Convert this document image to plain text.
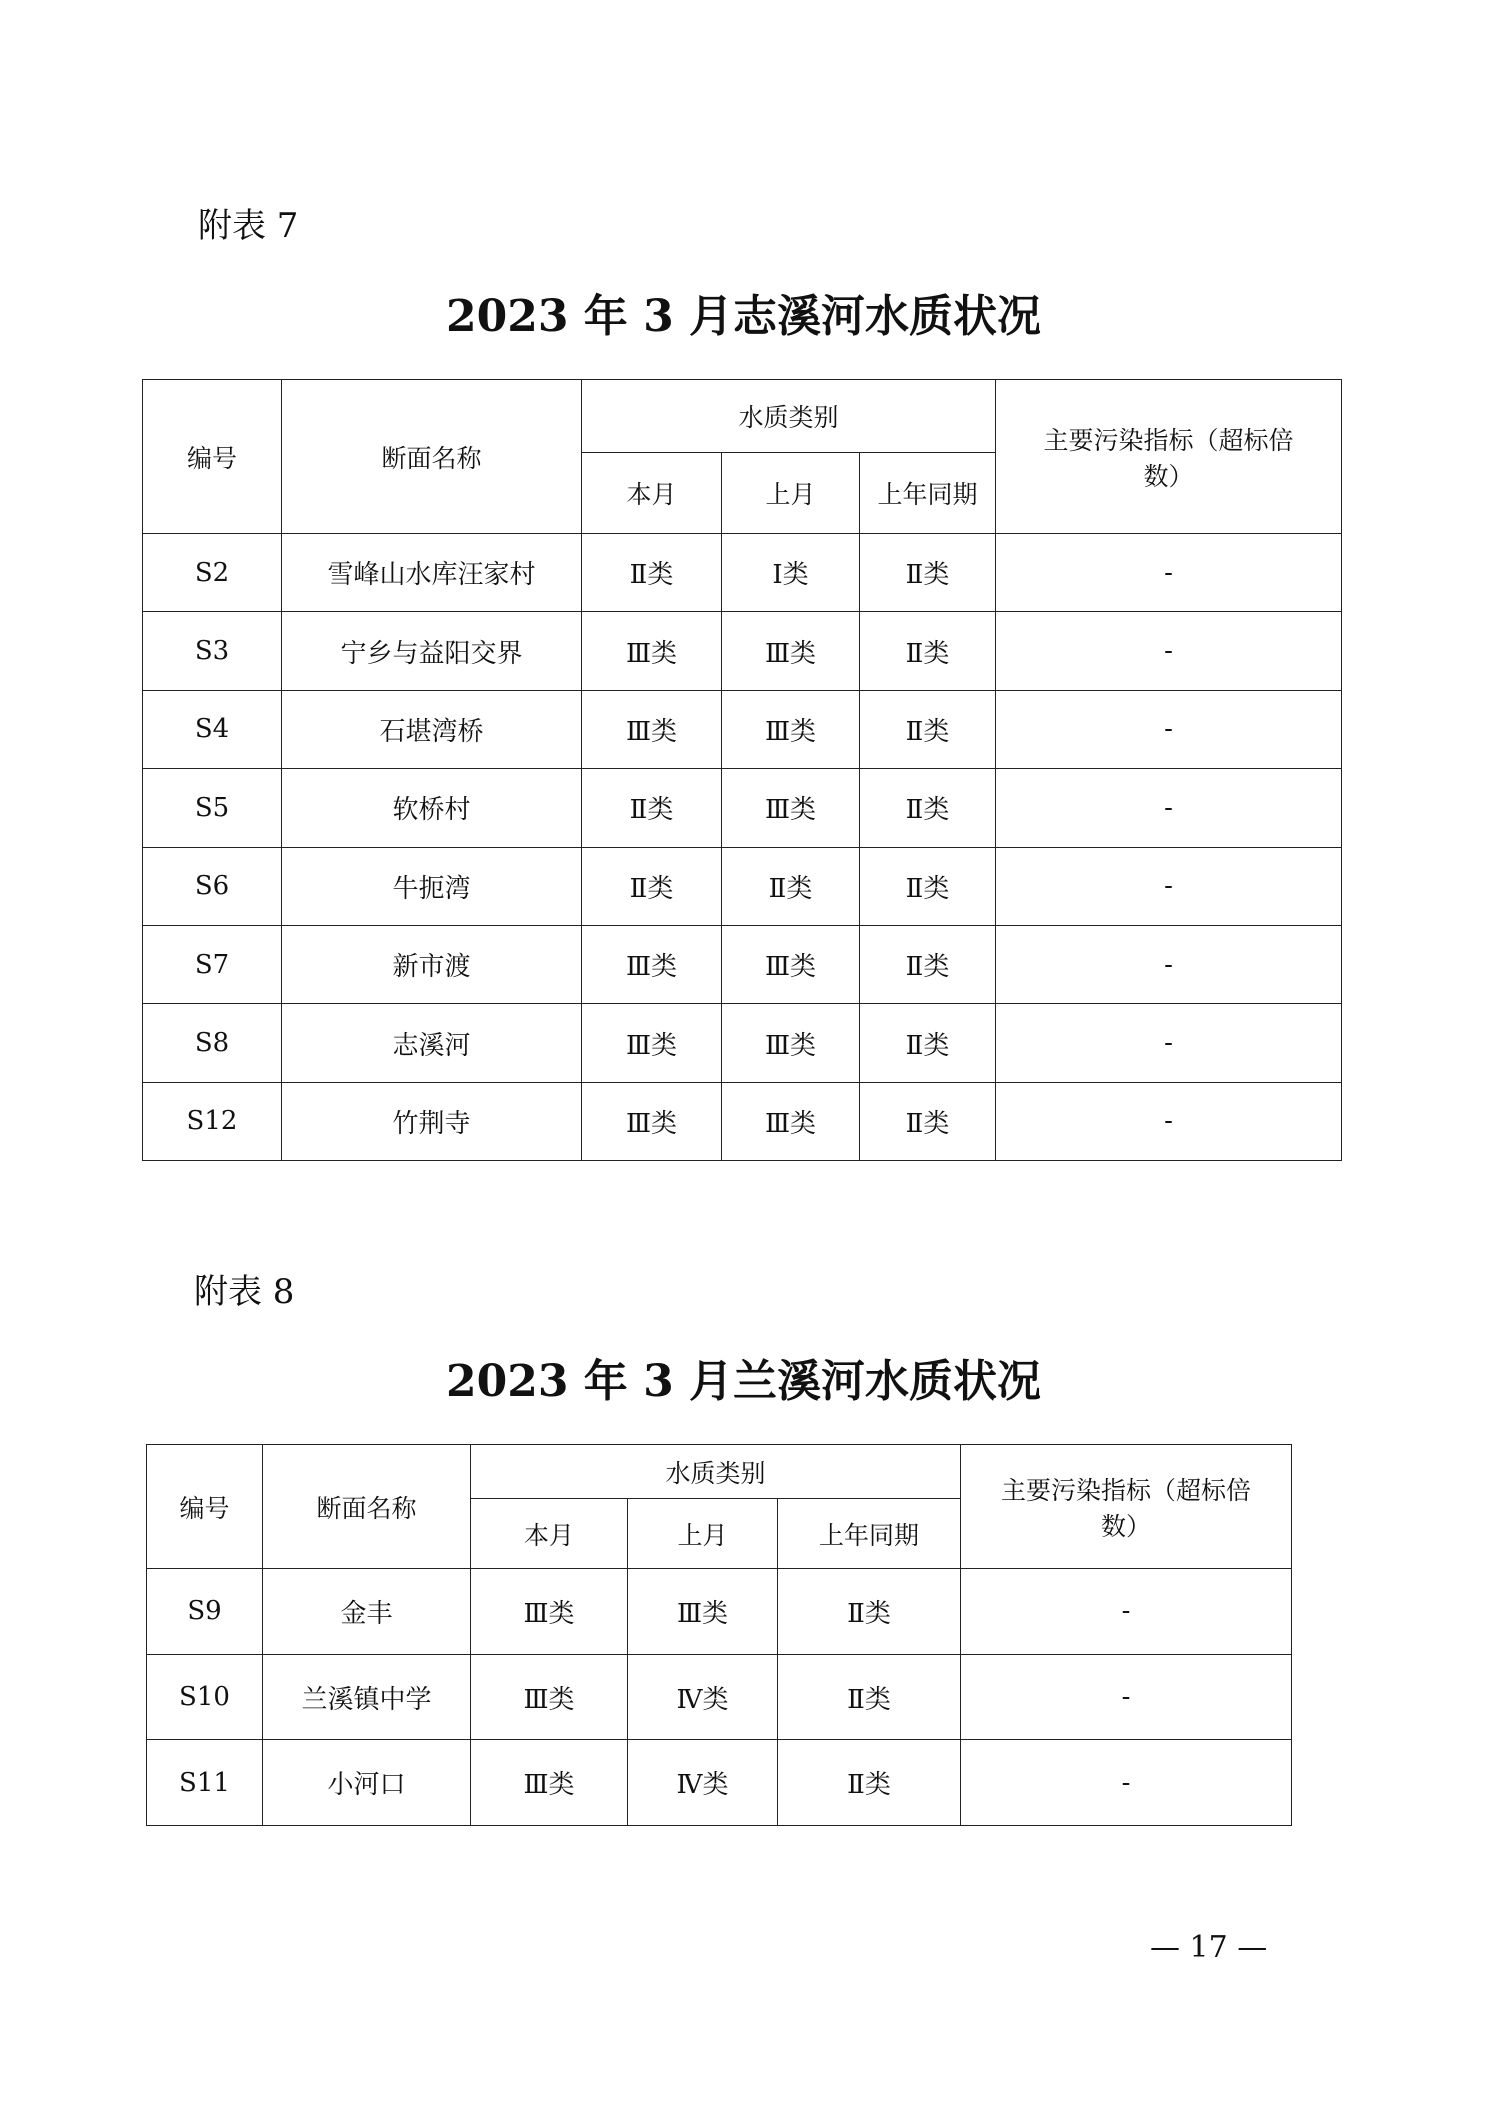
附表 7
2023 年 3 月志溪河水质状况
编号	断面名称	水质类别			主要污染指标（超标倍数）
		本月	上月	上年同期	
S2	雪峰山水库汪家村	Ⅱ类	Ⅰ类	Ⅱ类	-
S3	宁乡与益阳交界	Ⅲ类	Ⅲ类	Ⅱ类	-
S4	石堪湾桥	Ⅲ类	Ⅲ类	Ⅱ类	-
S5	软桥村	Ⅱ类	Ⅲ类	Ⅱ类	-
S6	牛扼湾	Ⅱ类	Ⅱ类	Ⅱ类	-
S7	新市渡	Ⅲ类	Ⅲ类	Ⅱ类	-
S8	志溪河	Ⅲ类	Ⅲ类	Ⅱ类	-
S12	竹荆寺	Ⅲ类	Ⅲ类	Ⅱ类	-
附表 8
2023 年 3 月兰溪河水质状况
编号	断面名称	水质类别			主要污染指标（超标倍数）
		本月	上月	上年同期	
S9	金丰	Ⅲ类	Ⅲ类	Ⅱ类	-
S10	兰溪镇中学	Ⅲ类	Ⅳ类	Ⅱ类	-
S11	小河口	Ⅲ类	Ⅳ类	Ⅱ类	-
— 17 —
